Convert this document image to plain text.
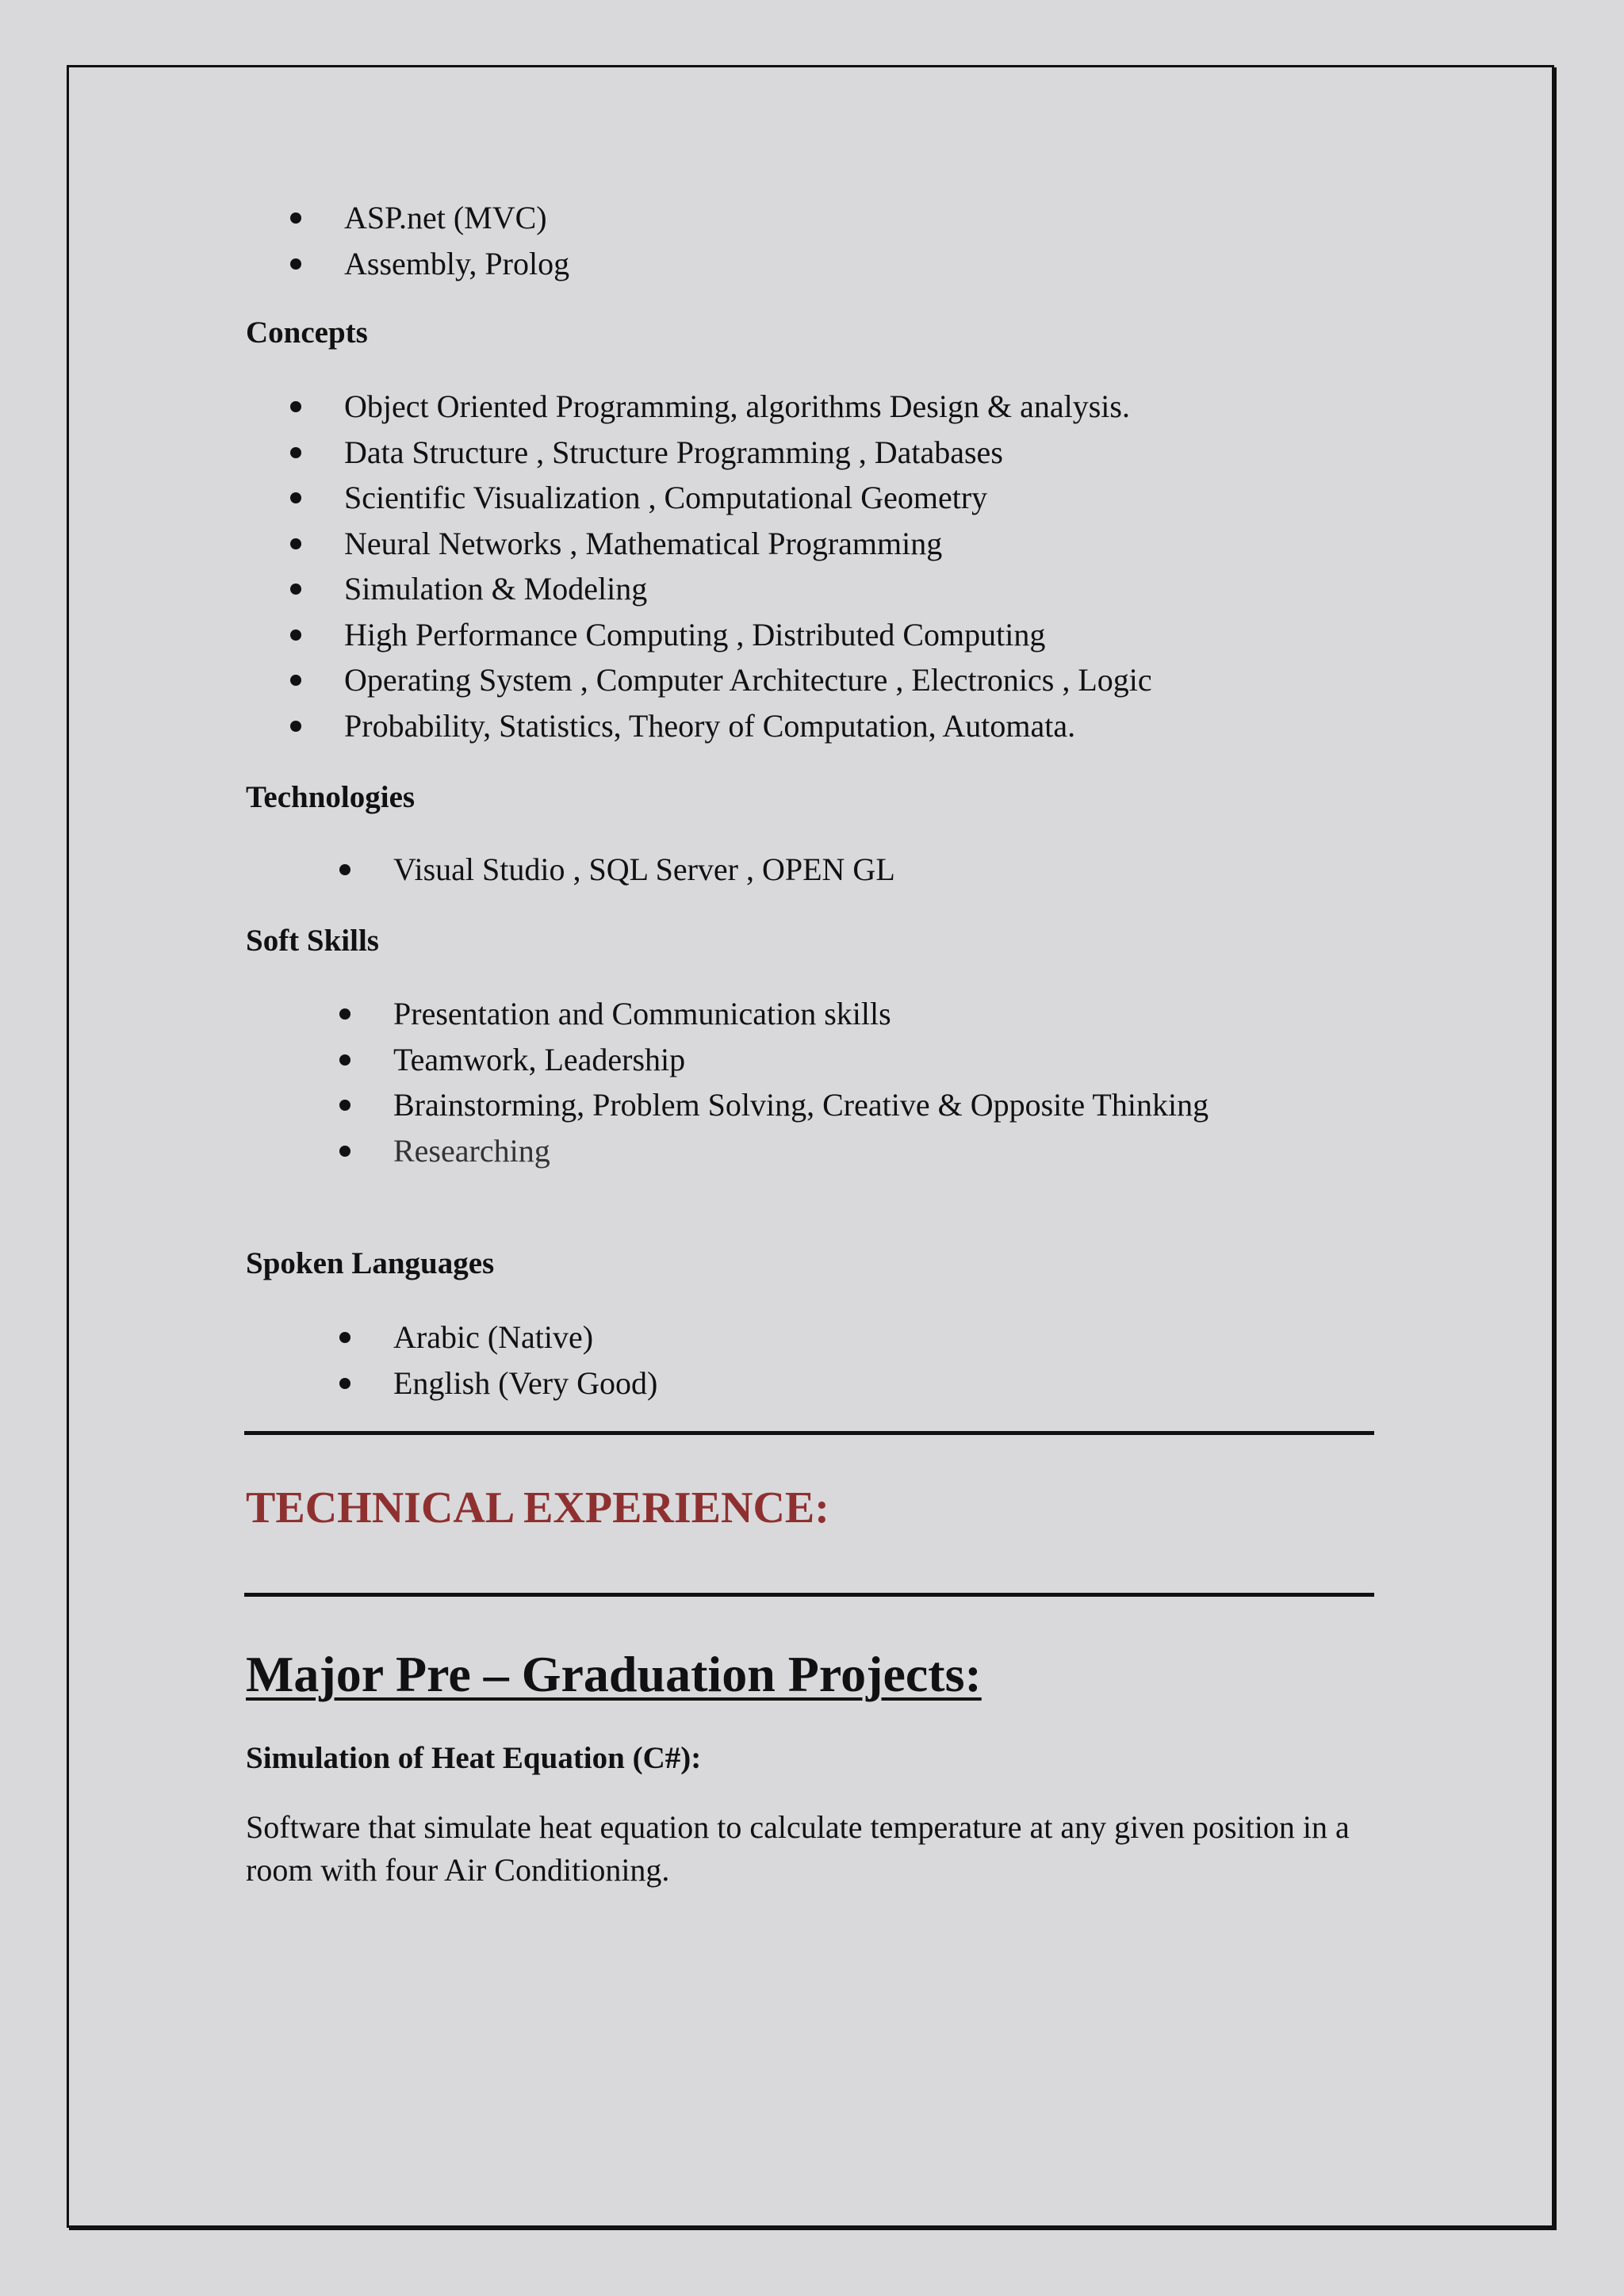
ASP.net (MVC)
Assembly, Prolog
Concepts
Object Oriented Programming, algorithms Design & analysis.
Data Structure , Structure Programming , Databases
Scientific Visualization , Computational Geometry
Neural Networks , Mathematical Programming
Simulation & Modeling
High Performance Computing , Distributed Computing
Operating System , Computer Architecture , Electronics , Logic
Probability, Statistics, Theory of Computation, Automata.
Technologies
Visual Studio , SQL Server , OPEN GL
Soft Skills
Presentation and Communication skills
Teamwork, Leadership
Brainstorming, Problem Solving, Creative & Opposite Thinking
Researching
Spoken Languages
Arabic (Native)
English (Very Good)
TECHNICAL EXPERIENCE:
Major Pre – Graduation Projects:
Simulation of Heat Equation (C#):
Software that simulate heat equation to calculate temperature at any given position in a room with four Air Conditioning.
